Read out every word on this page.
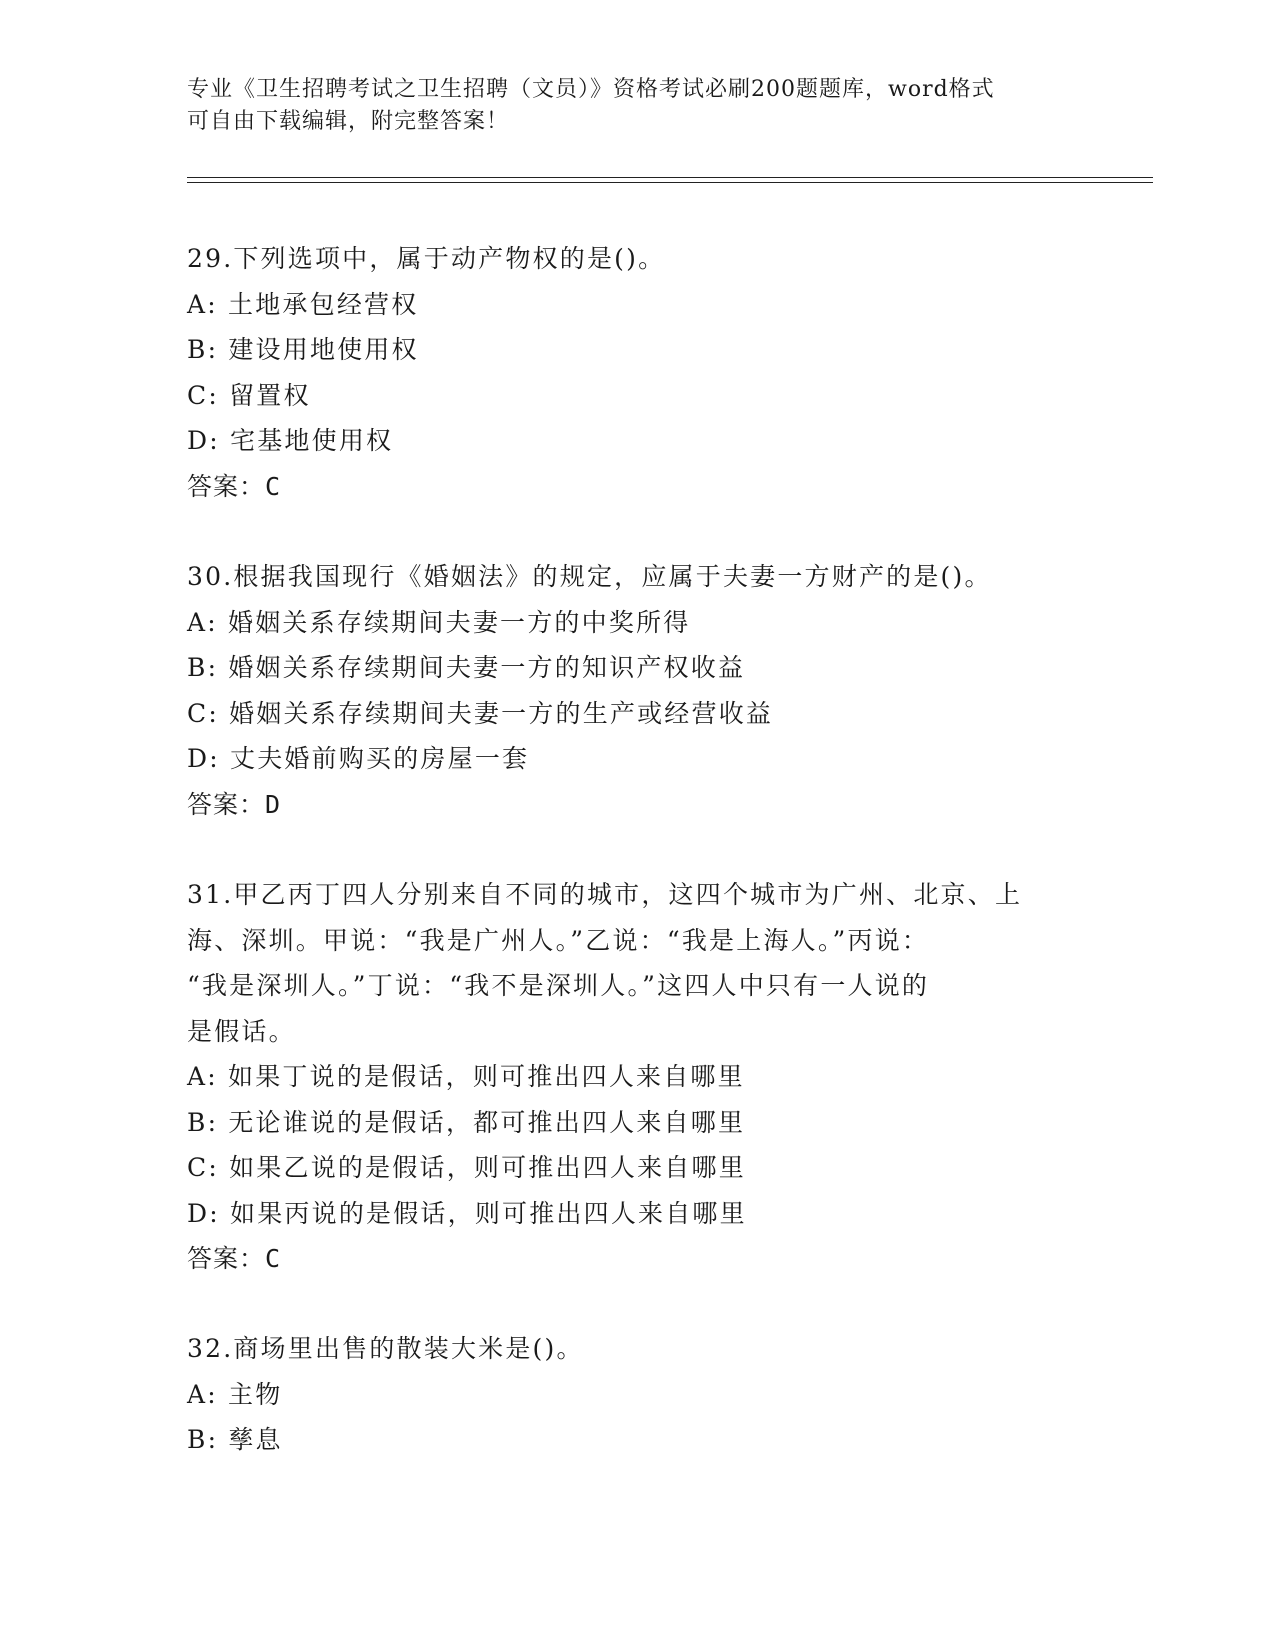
专业《卫生招聘考试之卫生招聘（文员）》资格考试必刷200题题库，word格式
可自由下载编辑，附完整答案！
29.下列选项中，属于动产物权的是()。
A: 土地承包经营权
B: 建设用地使用权
C: 留置权
D: 宅基地使用权
答案：C
30.根据我国现行《婚姻法》的规定，应属于夫妻一方财产的是()。
A: 婚姻关系存续期间夫妻一方的中奖所得
B: 婚姻关系存续期间夫妻一方的知识产权收益
C: 婚姻关系存续期间夫妻一方的生产或经营收益
D: 丈夫婚前购买的房屋一套
答案：D
31.甲乙丙丁四人分别来自不同的城市，这四个城市为广州、北京、上
海、深圳。甲说：“我是广州人。”乙说：“我是上海人。”丙说：
“我是深圳人。”丁说：“我不是深圳人。”这四人中只有一人说的
是假话。
A: 如果丁说的是假话，则可推出四人来自哪里
B: 无论谁说的是假话，都可推出四人来自哪里
C: 如果乙说的是假话，则可推出四人来自哪里
D: 如果丙说的是假话，则可推出四人来自哪里
答案：C
32.商场里出售的散装大米是()。
A: 主物
B: 孳息
